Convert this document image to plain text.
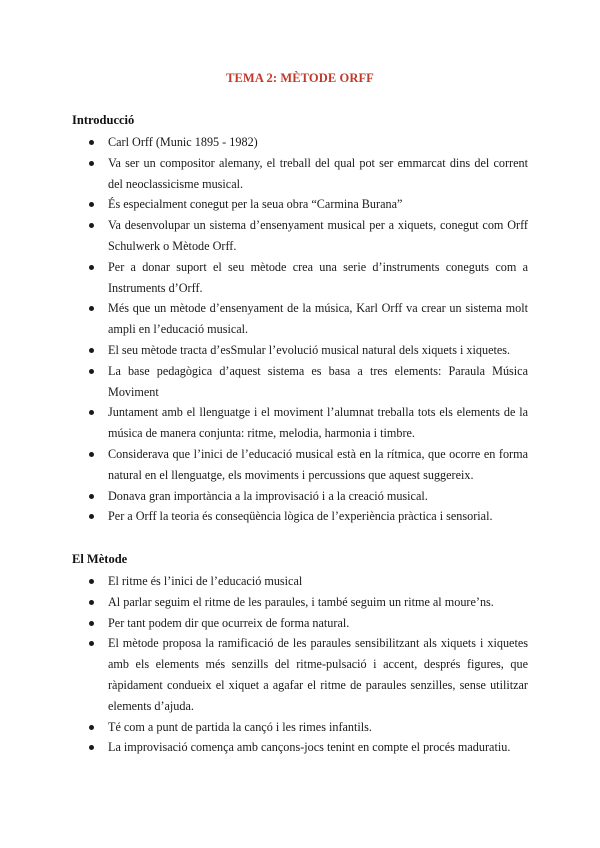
TEMA 2: MÈTODE ORFF
Introducció
Carl Orff (Munic 1895 - 1982)
Va ser un compositor alemany, el treball del qual pot ser emmarcat dins del corrent del neoclassicisme musical.
És especialment conegut per la seua obra “Carmina Burana”
Va desenvolupar un sistema d’ensenyament musical per a xiquets, conegut com Orff Schulwerk o Mètode Orff.
Per a donar suport el seu mètode crea una serie d’instruments coneguts com a Instruments d’Orff.
Més que un mètode d’ensenyament de la música, Karl Orff va crear un sistema molt ampli en l’educació musical.
El seu mètode tracta d’esSmular l’evolució musical natural dels xiquets i xiquetes.
La base pedagògica d’aquest sistema es basa a tres elements: Paraula Música Moviment
Juntament amb el llenguatge i el moviment l’alumnat treballa tots els elements de la música de manera conjunta: ritme, melodia, harmonia i timbre.
Considerava que l’inici de l’educació musical està en la rítmica, que ocorre en forma natural en el llenguatge, els moviments i percussions que aquest suggereix.
Donava gran importància a la improvisació i a la creació musical.
Per a Orff la teoria és conseqüència lògica de l’experiència pràctica i sensorial.
El Mètode
El ritme és l’inici de l’educació musical
Al parlar seguim el ritme de les paraules, i també seguim un ritme al moure’ns.
Per tant podem dir que ocurreix de forma natural.
El mètode proposa la ramificació de les paraules sensibilitzant als xiquets i xiquetes amb els elements més senzills del ritme-pulsació i accent, després figures, que ràpidament condueix el xiquet a agafar el ritme de paraules senzilles, sense utilitzar elements d’ajuda.
Té com a punt de partida la cançó i les rimes infantils.
La improvisació comença amb cançons-jocs tenint en compte el procés maduratiu.
